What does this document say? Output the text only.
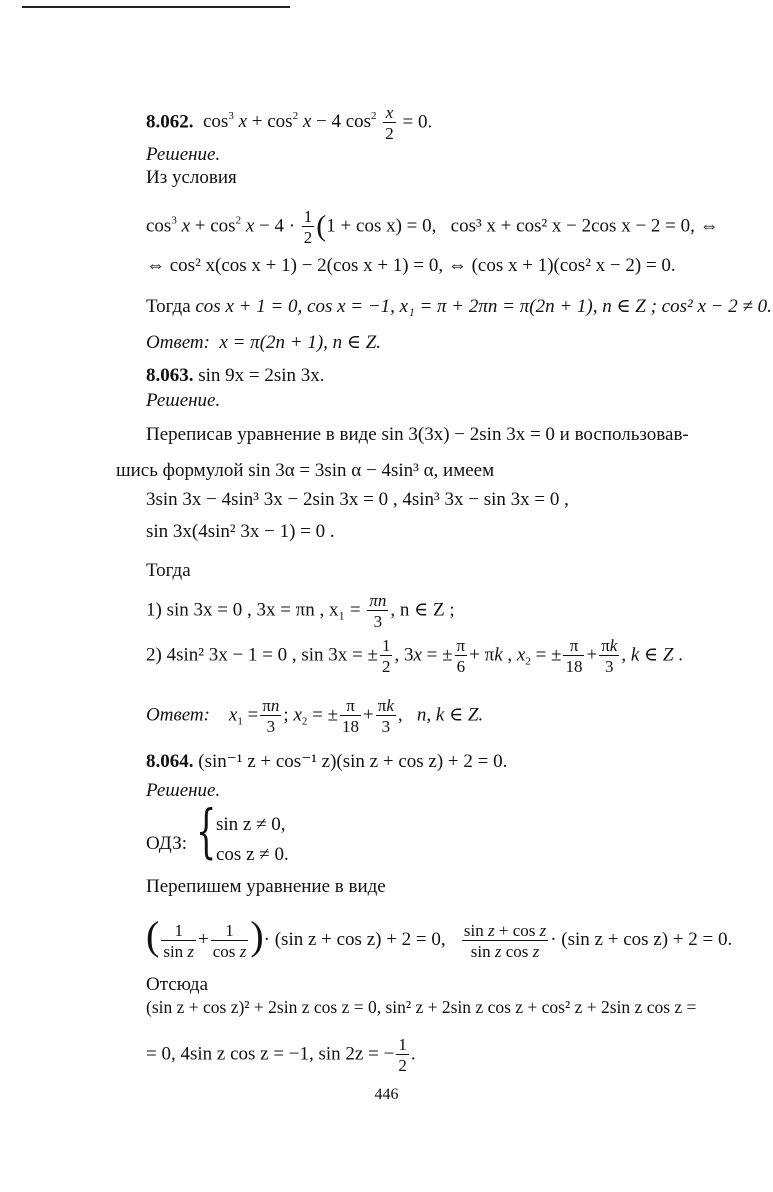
8.062.  $\cos^3 x + \cos^2 x - 4$ $\cos^2 \frac{x}{2} = 0$.
Решение.
Из условия
$\cos^3 x + \cos^2 x - 4 \cdot \frac{1}{2} (1 + \cos x) = 0$, cos³ x + cos² x − 2cos x − 2 = 0, ⇔
⇔ cos² x(cos x + 1) − 2(cos x + 1) = 0, ⇔ (cos x + 1)(cos² x − 2) = 0.
Тогда cos x + 1 = 0, cos x = −1, x₁ = π + 2πn = π(2n + 1), n ∈ Z ; cos² x − 2 ≠ 0.
Ответ: x = π(2n + 1), n ∈ Z.
8.063. sin 9x = 2sin 3x.
Решение.
Переписав уравнение в виде sin 3(3x) − 2sin 3x = 0 и воспользовав-
шись формулой sin 3α = 3sin α − 4sin³ α, имеем
3sin 3x − 4sin³ 3x − 2sin 3x = 0 , 4sin³ 3x − sin 3x = 0 ,
sin 3x(4sin² 3x − 1) = 0 .
Тогда
1) sin 3x = 0 , 3x = πn , $x_1 = \frac{\pi n}{3}$ , n ∈ Z ;
2) 4sin² 3x − 1 = 0 , sin 3x = ± $\frac{1}{2}$ , 3x = ± $\frac{\pi}{6} + \pi k$ , $x_2$ = ± $\frac{\pi}{18} + \frac{\pi k}{3}$ , k ∈ Z .
Ответ: $x_1 = \frac{\pi n}{3}$ ; $x_2$ = ± $\frac{\pi}{18} + \frac{\pi k}{3}$ ,   n, k ∈ Z.
8.064. (sin⁻¹ z + cos⁻¹ z)(sin z + cos z) + 2 = 0.
Решение.
ОДЗ: { sin z ≠ 0,
cos z ≠ 0.
Перепишем уравнение в виде
( $\frac{1}{\text{sin z}} + \frac{1}{\text{cos z}}$ )· (sin z + cos z) + 2 = 0, $\frac{\text{sin z + cos z}}{\text{sin z cos z}} \cdot (\sin$ z + cos z) + 2 = 0.
Отсюда
(sin z + cos z)² + 2sin z cos z = 0, sin² z + 2sin z cos z + cos² z + 2sin z cos z =
= 0, 4sin z cos z = −1, sin 2z = − $\frac{1}{2}$ .
446
